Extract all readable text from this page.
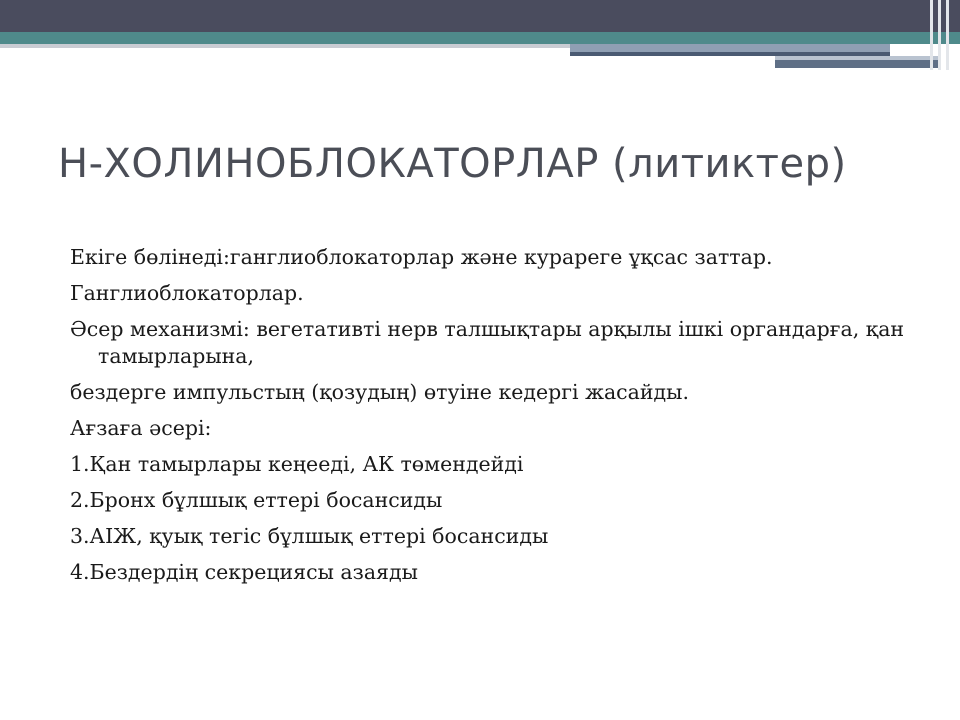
Н-ХОЛИНОБЛОКАТОРЛАР (литиктер)
Екіге бөлінеді:ганглиоблокаторлар және курареге ұқсас заттар.
Ганглиоблокаторлар.
Әсер механизмі: вегетативті нерв талшықтары арқылы ішкі органдарға, қан тамырларына,
бездерге импульстың (қозудың) өтуіне кедергі жасайды.
Ағзаға әсері:
1.Қан тамырлары кеңееді, АК төмендейді
2.Бронх бұлшық еттері босансиды
3.АІЖ, қуық тегіс бұлшық еттері босансиды
4.Бездердің секрециясы азаяды
